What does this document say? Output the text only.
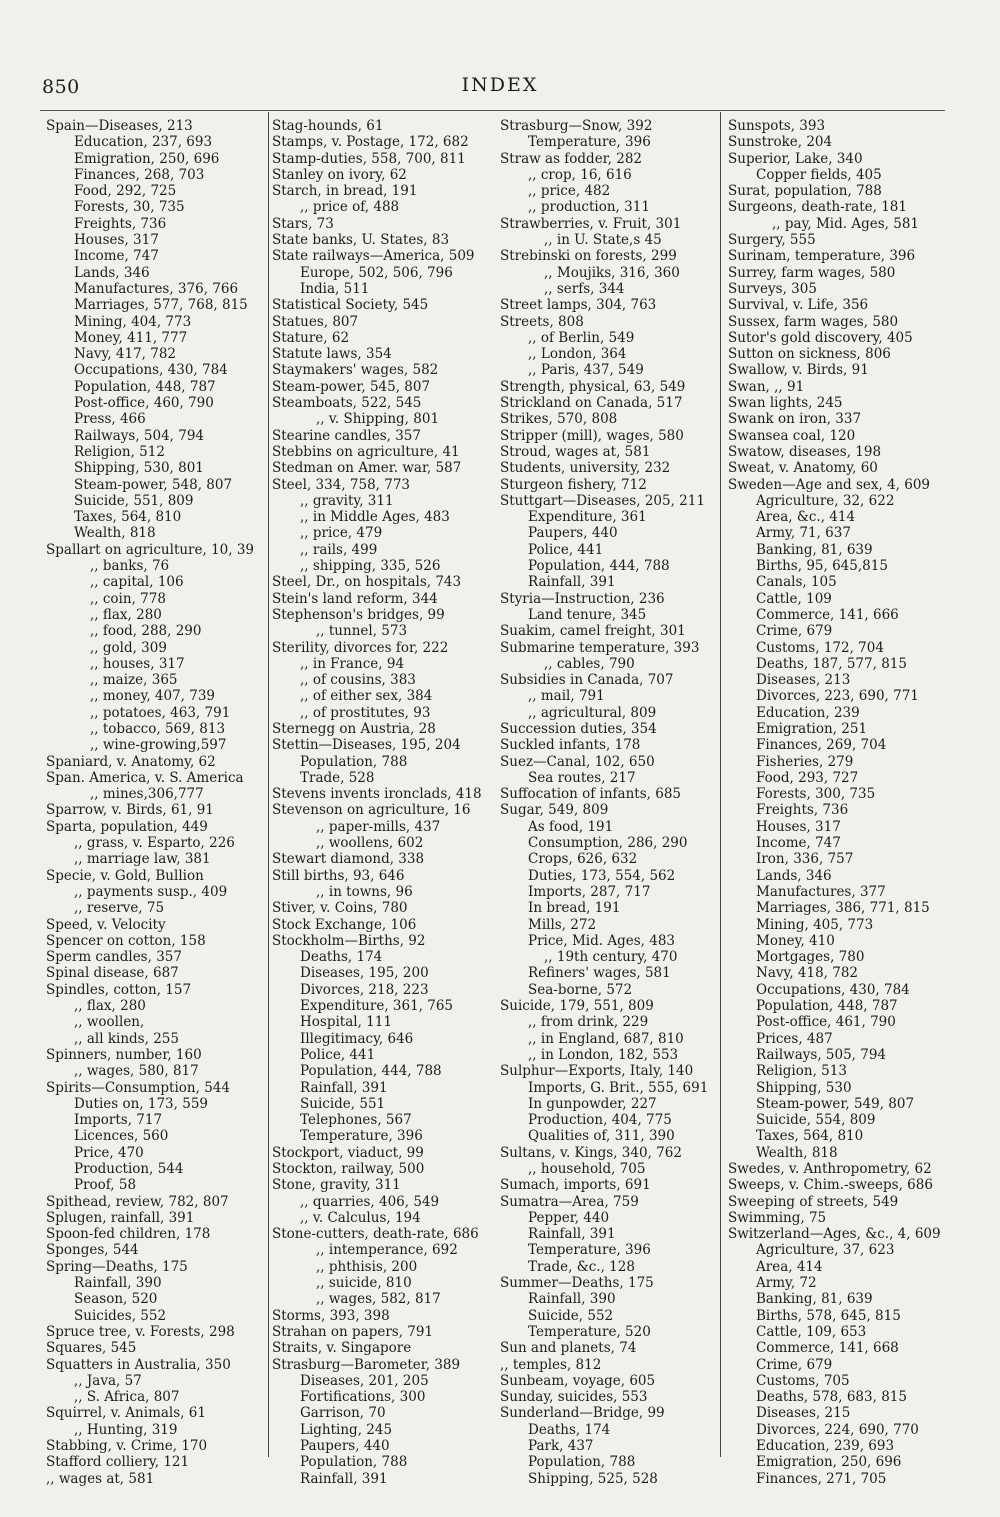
850	INDEX
Spain—Diseases, 213
Education, 237, 693
Emigration, 250, 696
Finances, 268, 703
Food, 292, 725
Forests, 30, 735
Freights, 736
Houses, 317
Income, 747
Lands, 346
Manufactures, 376, 766
Marriages, 577, 768, 815
Mining, 404, 773
Money, 411, 777
Navy, 417, 782
Occupations, 430, 784
Population, 448, 787
Post-office, 460, 790
Press, 466
Railways, 504, 794
Religion, 512
Shipping, 530, 801
Steam-power, 548, 807
Suicide, 551, 809
Taxes, 564, 810
Wealth, 818
Spallart on agriculture, 10, 39
,, banks, 76
,, capital, 106
,, coin, 778
,, flax, 280
,, food, 288, 290
,, gold, 309
,, houses, 317
,, maize, 365
,, money, 407, 739
,, potatoes, 463, 791
,, tobacco, 569, 813
,, wine-growing,597
Spaniard, v. Anatomy, 62
Span. America, v. S. America
,, mines,306,777
Sparrow, v. Birds, 61, 91
Sparta, population, 449
,, grass, v. Esparto, 226
,, marriage law, 381
Specie, v. Gold, Bullion
,, payments susp., 409
,, reserve, 75
Speed, v. Velocity
Spencer on cotton, 158
Sperm candles, 357
Spinal disease, 687
Spindles, cotton, 157
,, flax, 280
,, woollen,
,, all kinds, 255
Spinners, number, 160
,, wages, 580, 817
Spirits—Consumption, 544
Duties on, 173, 559
Imports, 717
Licences, 560
Price, 470
Production, 544
Proof, 58
Spithead, review, 782, 807
Splugen, rainfall, 391
Spoon-fed children, 178
Sponges, 544
Spring—Deaths, 175
Rainfall, 390
Season, 520
Suicides, 552
Spruce tree, v. Forests, 298
Squares, 545
Squatters in Australia, 350
,, Java, 57
,, S. Africa, 807
Squirrel, v. Animals, 61
,, Hunting, 319
Stabbing, v. Crime, 170
Stafford colliery, 121
,, wages at, 581
Stag-hounds, 61
Stamps, v. Postage, 172, 682
Stamp-duties, 558, 700, 811
Stanley on ivory, 62
Starch, in bread, 191
,, price of, 488
Stars, 73
State banks, U. States, 83
State railways—America, 509
Europe, 502, 506, 796
India, 511
Statistical Society, 545
Statues, 807
Stature, 62
Statute laws, 354
Staymakers' wages, 582
Steam-power, 545, 807
Steamboats, 522, 545
,, v. Shipping, 801
Stearine candles, 357
Stebbins on agriculture, 41
Stedman on Amer. war, 587
Steel, 334, 758, 773
,, gravity, 311
,, in Middle Ages, 483
,, price, 479
,, rails, 499
,, shipping, 335, 526
Steel, Dr., on hospitals, 743
Stein's land reform, 344
Stephenson's bridges, 99
,, tunnel, 573
Sterility, divorces for, 222
,, in France, 94
,, of cousins, 383
,, of either sex, 384
,, of prostitutes, 93
Sternegg on Austria, 28
Stettin—Diseases, 195, 204
Population, 788
Trade, 528
Stevens invents ironclads, 418
Stevenson on agriculture, 16
,, paper-mills, 437
,, woollens, 602
Stewart diamond, 338
Still births, 93, 646
,, in towns, 96
Stiver, v. Coins, 780
Stock Exchange, 106
Stockholm—Births, 92
Deaths, 174
Diseases, 195, 200
Divorces, 218, 223
Expenditure, 361, 765
Hospital, 111
Illegitimacy, 646
Police, 441
Population, 444, 788
Rainfall, 391
Suicide, 551
Telephones, 567
Temperature, 396
Stockport, viaduct, 99
Stockton, railway, 500
Stone, gravity, 311
,, quarries, 406, 549
,, v. Calculus, 194
Stone-cutters, death-rate, 686
,, intemperance, 692
,, phthisis, 200
,, suicide, 810
,, wages, 582, 817
Storms, 393, 398
Strahan on papers, 791
Straits, v. Singapore
Strasburg—Barometer, 389
Diseases, 201, 205
Fortifications, 300
Garrison, 70
Lighting, 245
Paupers, 440
Population, 788
Rainfall, 391
Strasburg—Snow, 392
Temperature, 396
Straw as fodder, 282
,, crop, 16, 616
,, price, 482
,, production, 311
Strawberries, v. Fruit, 301
,, in U. State,s 45
Strebinski on forests, 299
,, Moujiks, 316, 360
,, serfs, 344
Street lamps, 304, 763
Streets, 808
,, of Berlin, 549
,, London, 364
,, Paris, 437, 549
Strength, physical, 63, 549
Strickland on Canada, 517
Strikes, 570, 808
Stripper (mill), wages, 580
Stroud, wages at, 581
Students, university, 232
Sturgeon fishery, 712
Stuttgart—Diseases, 205, 211
Expenditure, 361
Paupers, 440
Police, 441
Population, 444, 788
Rainfall, 391
Styria—Instruction, 236
Land tenure, 345
Suakim, camel freight, 301
Submarine temperature, 393
,, cables, 790
Subsidies in Canada, 707
,, mail, 791
,, agricultural, 809
Succession duties, 354
Suckled infants, 178
Suez—Canal, 102, 650
Sea routes, 217
Suffocation of infants, 685
Sugar, 549, 809
As food, 191
Consumption, 286, 290
Crops, 626, 632
Duties, 173, 554, 562
Imports, 287, 717
In bread, 191
Mills, 272
Price, Mid. Ages, 483
,, 19th century, 470
Refiners' wages, 581
Sea-borne, 572
Suicide, 179, 551, 809
,, from drink, 229
,, in England, 687, 810
,, in London, 182, 553
Sulphur—Exports, Italy, 140
Imports, G. Brit., 555, 691
In gunpowder, 227
Production, 404, 775
Qualities of, 311, 390
Sultans, v. Kings, 340, 762
,, household, 705
Sumach, imports, 691
Sumatra—Area, 759
Pepper, 440
Rainfall, 391
Temperature, 396
Trade, &c., 128
Summer—Deaths, 175
Rainfall, 390
Suicide, 552
Temperature, 520
Sun and planets, 74
,, temples, 812
Sunbeam, voyage, 605
Sunday, suicides, 553
Sunderland—Bridge, 99
Deaths, 174
Park, 437
Population, 788
Shipping, 525, 528
Sunspots, 393
Sunstroke, 204
Superior, Lake, 340
Copper fields, 405
Surat, population, 788
Surgeons, death-rate, 181
,, pay, Mid. Ages, 581
Surgery, 555
Surinam, temperature, 396
Surrey, farm wages, 580
Surveys, 305
Survival, v. Life, 356
Sussex, farm wages, 580
Sutor's gold discovery, 405
Sutton on sickness, 806
Swallow, v. Birds, 91
Swan, ,, 91
Swan lights, 245
Swank on iron, 337
Swansea coal, 120
Swatow, diseases, 198
Sweat, v. Anatomy, 60
Sweden—Age and sex, 4, 609
Agriculture, 32, 622
Area, &c., 414
Army, 71, 637
Banking, 81, 639
Births, 95, 645,815
Canals, 105
Cattle, 109
Commerce, 141, 666
Crime, 679
Customs, 172, 704
Deaths, 187, 577, 815
Diseases, 213
Divorces, 223, 690, 771
Education, 239
Emigration, 251
Finances, 269, 704
Fisheries, 279
Food, 293, 727
Forests, 300, 735
Freights, 736
Houses, 317
Income, 747
Iron, 336, 757
Lands, 346
Manufactures, 377
Marriages, 386, 771, 815
Mining, 405, 773
Money, 410
Mortgages, 780
Navy, 418, 782
Occupations, 430, 784
Population, 448, 787
Post-office, 461, 790
Prices, 487
Railways, 505, 794
Religion, 513
Shipping, 530
Steam-power, 549, 807
Suicide, 554, 809
Taxes, 564, 810
Wealth, 818
Swedes, v. Anthropometry, 62
Sweeps, v. Chim.-sweeps, 686
Sweeping of streets, 549
Swimming, 75
Switzerland—Ages, &c., 4, 609
Agriculture, 37, 623
Area, 414
Army, 72
Banking, 81, 639
Births, 578, 645, 815
Cattle, 109, 653
Commerce, 141, 668
Crime, 679
Customs, 705
Deaths, 578, 683, 815
Diseases, 215
Divorces, 224, 690, 770
Education, 239, 693
Emigration, 250, 696
Finances, 271, 705
